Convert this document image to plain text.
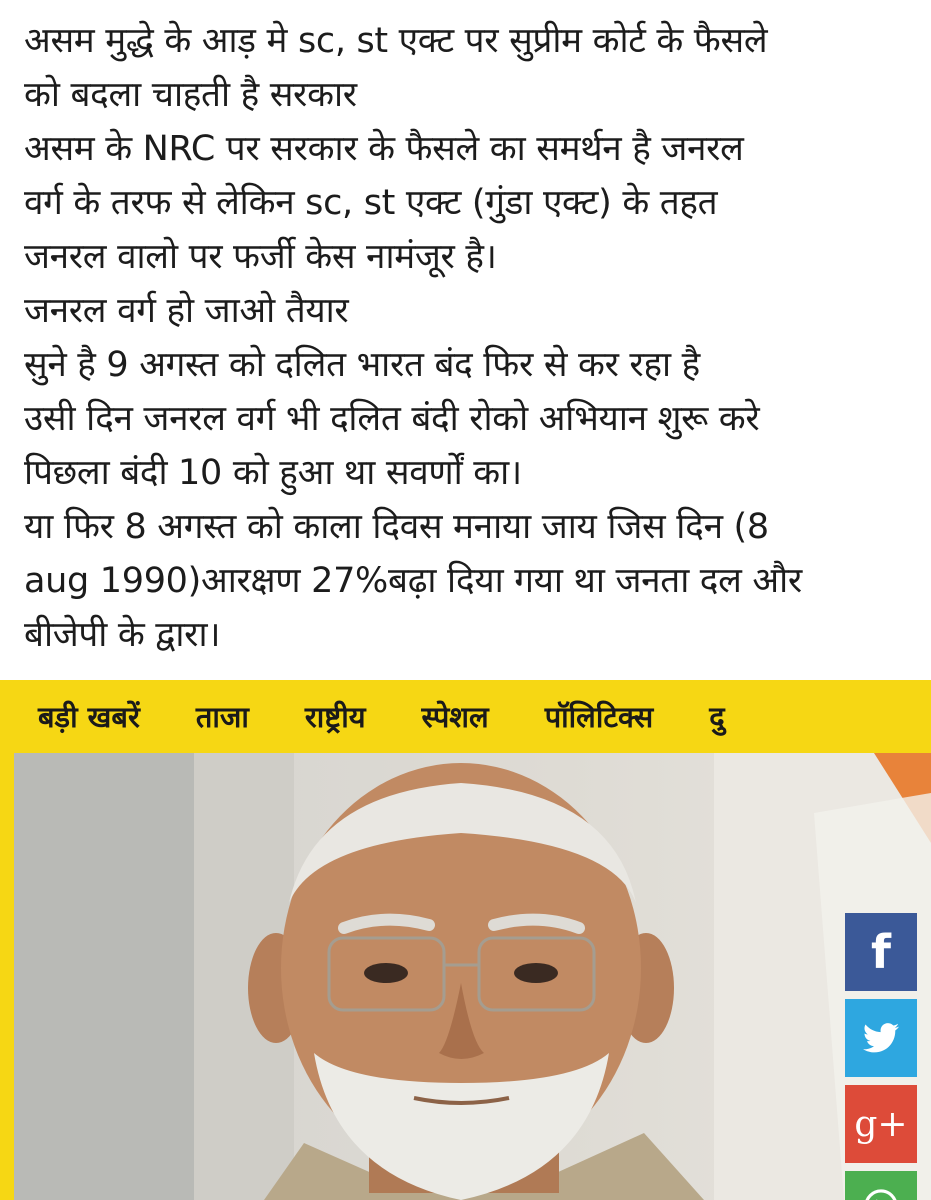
असम मुद्धे के आड़ मे sc, st एक्ट पर सुप्रीम कोर्ट के फैसले
को बदला चाहती है सरकार
असम के NRC पर सरकार के फैसले का समर्थन है जनरल
वर्ग के तरफ से लेकिन sc, st एक्ट (गुंडा एक्ट) के तहत
जनरल वालो पर फर्जी केस नामंजूर है।
जनरल वर्ग हो जाओ तैयार
सुने है 9 अगस्त को दलित भारत बंद फिर से कर रहा है
उसी दिन जनरल वर्ग भी दलित बंदी रोको अभियान शुरू करे
पिछला बंदी 10 को हुआ था सवर्णों का।
या फिर 8 अगस्त को काला दिवस मनाया जाय जिस दिन (8
aug 1990)आरक्षण 27%बढ़ा दिया गया था जनता दल और
बीजेपी के द्वारा।
बड़ी खबरें	ताजा	राष्ट्रीय	स्पेशल	पॉलिटिक्स	दु
f
g+
